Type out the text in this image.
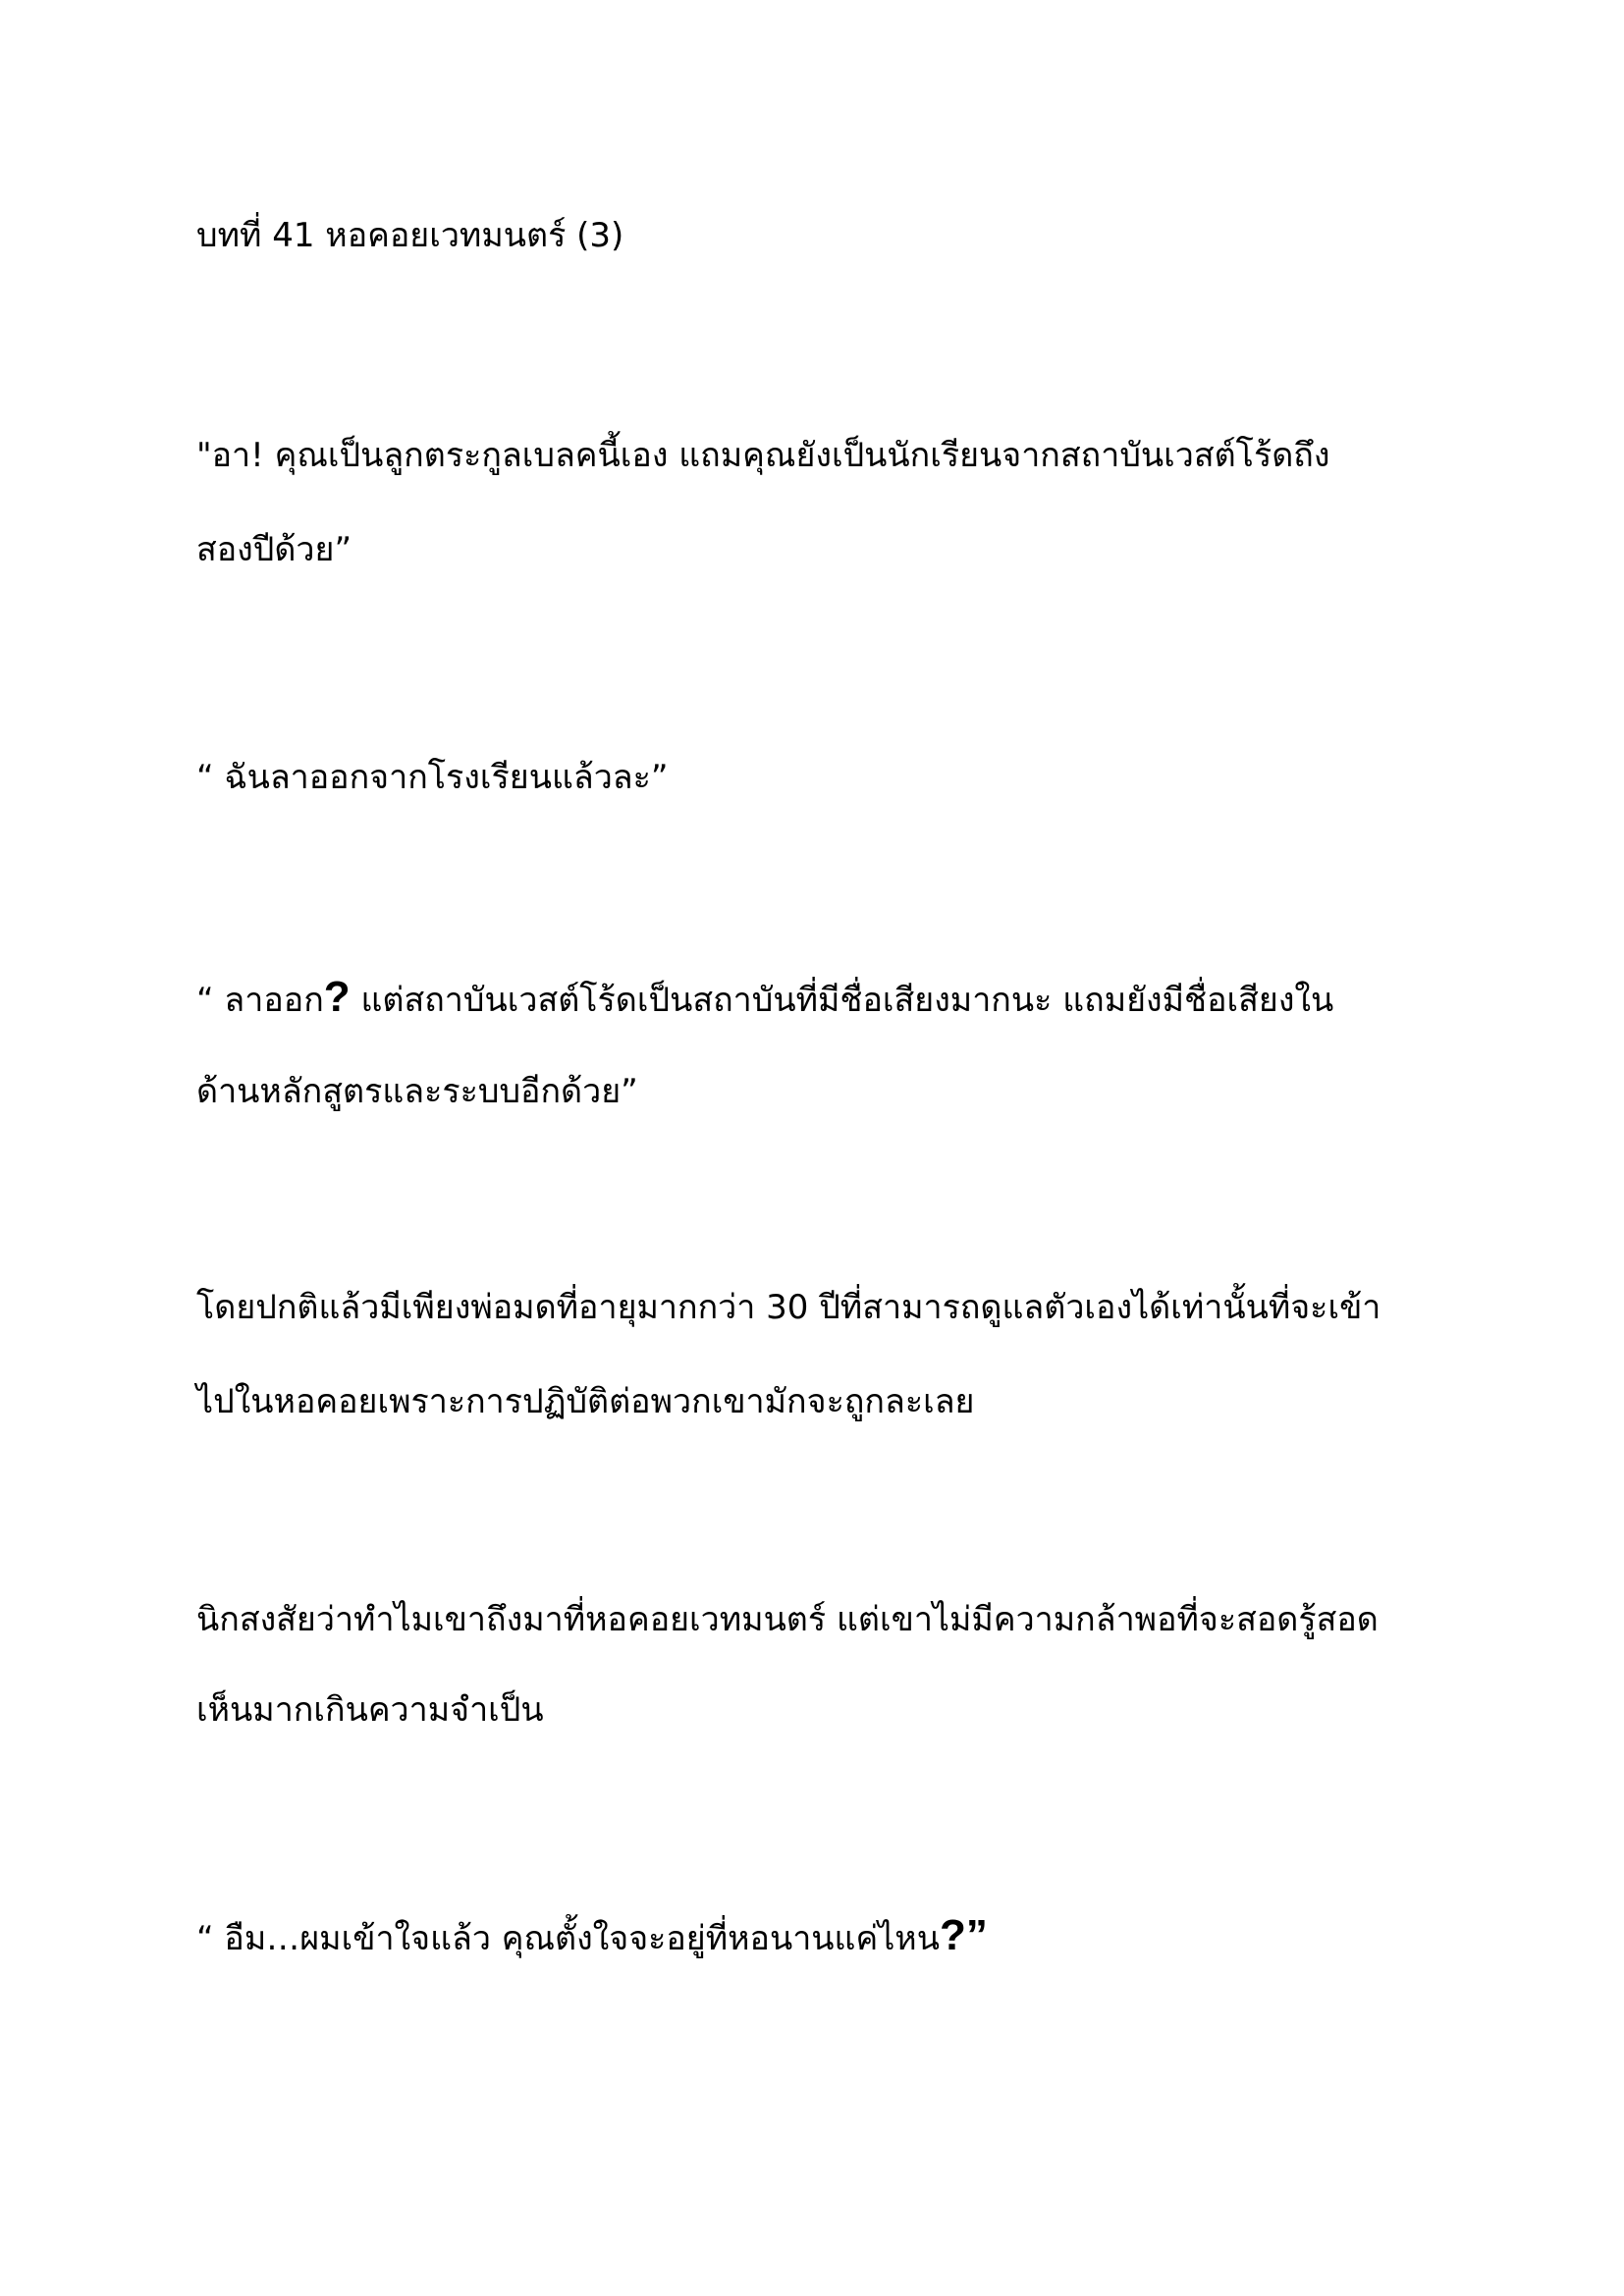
บทที่ 41 หอคอยเวทมนตร์ (3)

"อา! คุณเป็นลูกตระกูลเบลคนี้เอง แถมคุณยังเป็นนักเรียนจากสถาบันเวสต์โร้ดถึง

สองปีด้วย”

“ ฉันลาออกจากโรงเรียนแล้วละ”

“ ลาออก? แต่สถาบันเวสต์โร้ดเป็นสถาบันที่มีชื่อเสียงมากนะ แถมยังมีชื่อเสียงใน

ด้านหลักสูตรและระบบอีกด้วย”

โดยปกติแล้วมีเพียงพ่อมดที่อายุมากกว่า 30 ปีที่สามารถดูแลตัวเองได้เท่านั้นที่จะเข้า

ไปในหอคอยเพราะการปฏิบัติต่อพวกเขามักจะถูกละเลย

นิกสงสัยว่าทำไมเขาถึงมาที่หอคอยเวทมนตร์ แต่เขาไม่มีความกล้าพอที่จะสอดรู้สอด

เห็นมากเกินความจำเป็น

“ อืม…ผมเข้าใจแล้ว คุณตั้งใจจะอยู่ที่หอนานแค่ไหน?”
